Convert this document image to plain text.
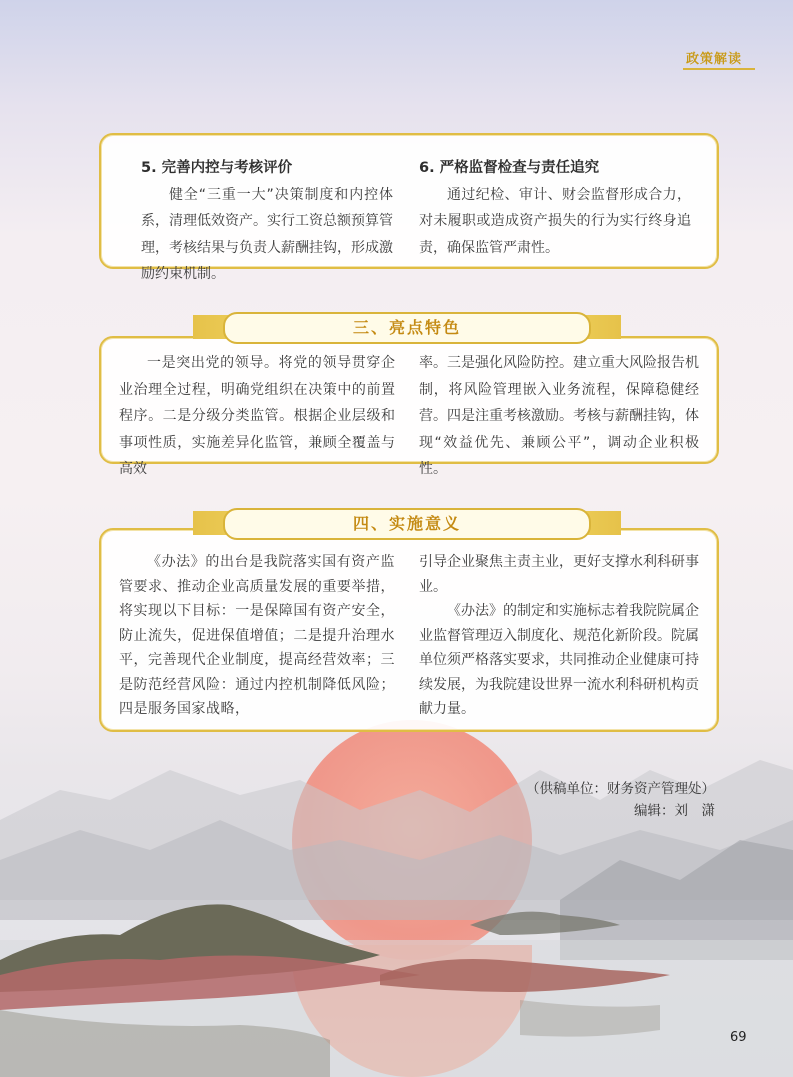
政策解读
5. 完善内控与考核评价
健全“三重一大”决策制度和内控体系，清理低效资产。实行工资总额预算管理，考核结果与负责人薪酬挂钩，形成激励约束机制。
6. 严格监督检查与责任追究
通过纪检、审计、财会监督形成合力，对未履职或造成资产损失的行为实行终身追责，确保监管严肃性。
一是突出党的领导。将党的领导贯穿企业治理全过程，明确党组织在决策中的前置程序。二是分级分类监管。根据企业层级和事项性质，实施差异化监管，兼顾全覆盖与高效
率。三是强化风险防控。建立重大风险报告机制，将风险管理嵌入业务流程，保障稳健经营。四是注重考核激励。考核与薪酬挂钩，体现“效益优先、兼顾公平”，调动企业积极性。
三、亮点特色
《办法》的出台是我院落实国有资产监管要求、推动企业高质量发展的重要举措，将实现以下目标：一是保障国有资产安全，防止流失，促进保值增值；二是提升治理水平，完善现代企业制度，提高经营效率；三是防范经营风险：通过内控机制降低风险；四是服务国家战略，
引导企业聚焦主责主业，更好支撑水利科研事业。
《办法》的制定和实施标志着我院院属企业监督管理迈入制度化、规范化新阶段。院属单位须严格落实要求，共同推动企业健康可持续发展，为我院建设世界一流水利科研机构贡献力量。
四、实施意义
（供稿单位：财务资产管理处）
编辑：刘　潇
69
